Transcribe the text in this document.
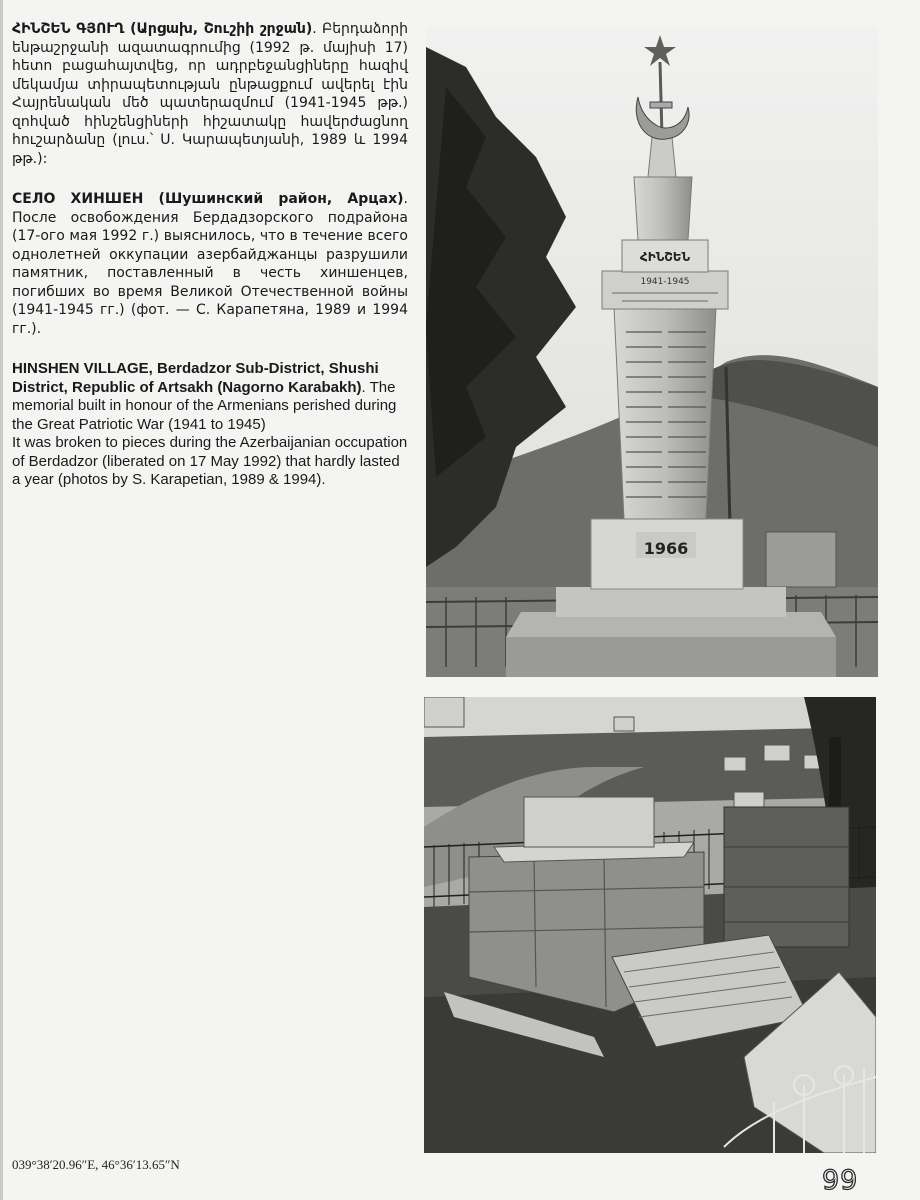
ՀԻՆՇԵՆ ԳՅՈՒՂ (Արցախ, Շուշիի շրջան). Բերդաձորի ենթաշրջանի ազատագրումից (1992 թ. մայիսի 17) հետո բացահայտվեց, որ ադրբեջանցիները հազիվ մեկամյա տիրապետության ընթացքում ավերել էին Հայրենական մեծ պատերազմում (1941-1945 թթ.) զոհված հինշենցիների հիշատակը հավերժացնող հուշարձանը (լուս.՝ Ս. Կարապետյանի, 1989 և 1994 թթ.):

СЕЛО ХИНШЕН (Шушинский район, Арцах). После освобождения Бердадзорского подрайона (17-ого мая 1992 г.) выяснилось, что в течение всего однолетней оккупации азербайджанцы разрушили памятник, поставленный в честь хиншенцев, погибших во время Великой Отечественной войны (1941-1945 гг.) (фот. — С. Карапетяна, 1989 и 1994 гг.).

HINSHEN VILLAGE, Berdadzor Sub-District, Shushi District, Republic of Artsakh (Nagorno Karabakh). The memorial built in honour of the Armenians perished during the Great Patriotic War (1941 to 1945)
It was broken to pieces during the Azerbaijanian occupation of Berdadzor (liberated on 17 May 1992) that hardly lasted a year (photos by S. Karapetian, 1989 & 1994).

1966
1941-1945
ՀԻՆՇԵՆ
039°38′20.96″E, 46°36′13.65″N
99
